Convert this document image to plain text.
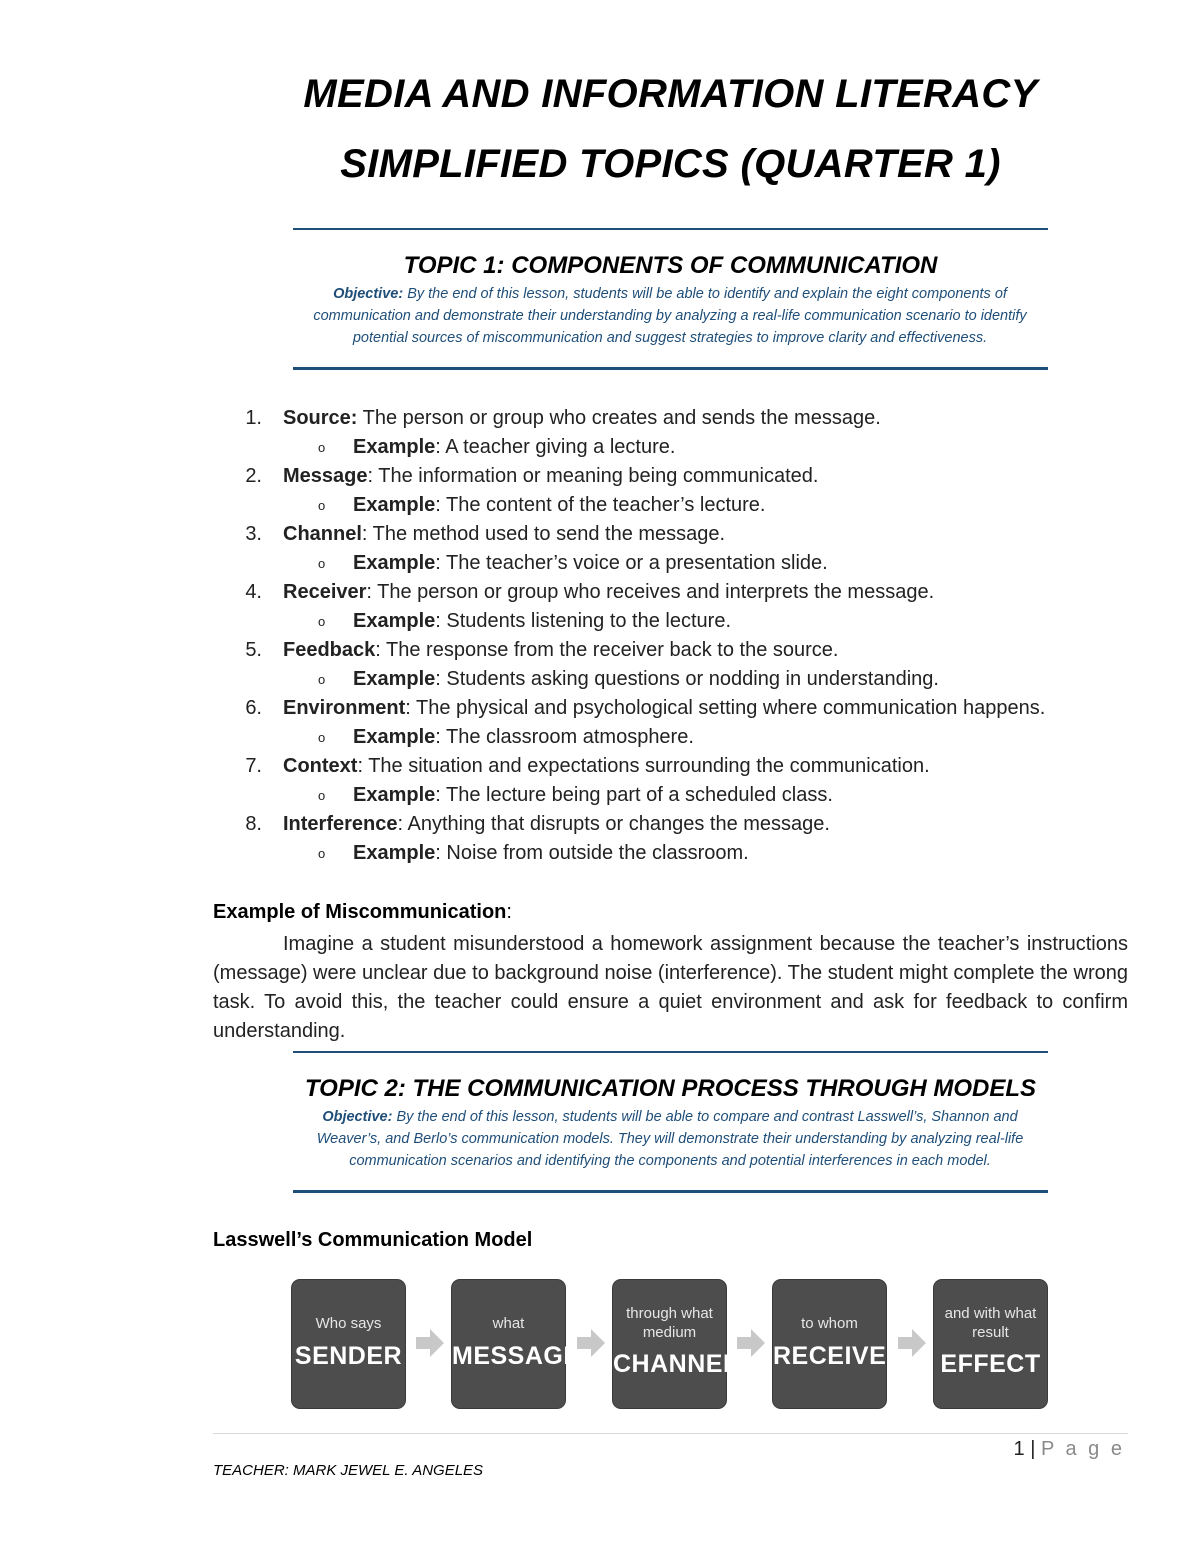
MEDIA AND INFORMATION LITERACY
SIMPLIFIED TOPICS (QUARTER 1)
TOPIC 1: COMPONENTS OF COMMUNICATION
Objective: By the end of this lesson, students will be able to identify and explain the eight components of communication and demonstrate their understanding by analyzing a real-life communication scenario to identify potential sources of miscommunication and suggest strategies to improve clarity and effectiveness.
1. Source: The person or group who creates and sends the message.
o Example: A teacher giving a lecture.
2. Message: The information or meaning being communicated.
o Example: The content of the teacher’s lecture.
3. Channel: The method used to send the message.
o Example: The teacher’s voice or a presentation slide.
4. Receiver: The person or group who receives and interprets the message.
o Example: Students listening to the lecture.
5. Feedback: The response from the receiver back to the source.
o Example: Students asking questions or nodding in understanding.
6. Environment: The physical and psychological setting where communication happens.
o Example: The classroom atmosphere.
7. Context: The situation and expectations surrounding the communication.
o Example: The lecture being part of a scheduled class.
8. Interference: Anything that disrupts or changes the message.
o Example: Noise from outside the classroom.
Example of Miscommunication:
Imagine a student misunderstood a homework assignment because the teacher’s instructions (message) were unclear due to background noise (interference). The student might complete the wrong task. To avoid this, the teacher could ensure a quiet environment and ask for feedback to confirm understanding.
TOPIC 2: THE COMMUNICATION PROCESS THROUGH MODELS
Objective: By the end of this lesson, students will be able to compare and contrast Lasswell’s, Shannon and Weaver’s, and Berlo’s communication models. They will demonstrate their understanding by analyzing real-life communication scenarios and identifying the components and potential interferences in each model.
Lasswell’s Communication Model
Who says
SENDER
what
MESSAGE
through what medium
CHANNEL
to whom
RECEIVER
and with what result
EFFECT
1 | P a g e
TEACHER: MARK JEWEL E. ANGELES
